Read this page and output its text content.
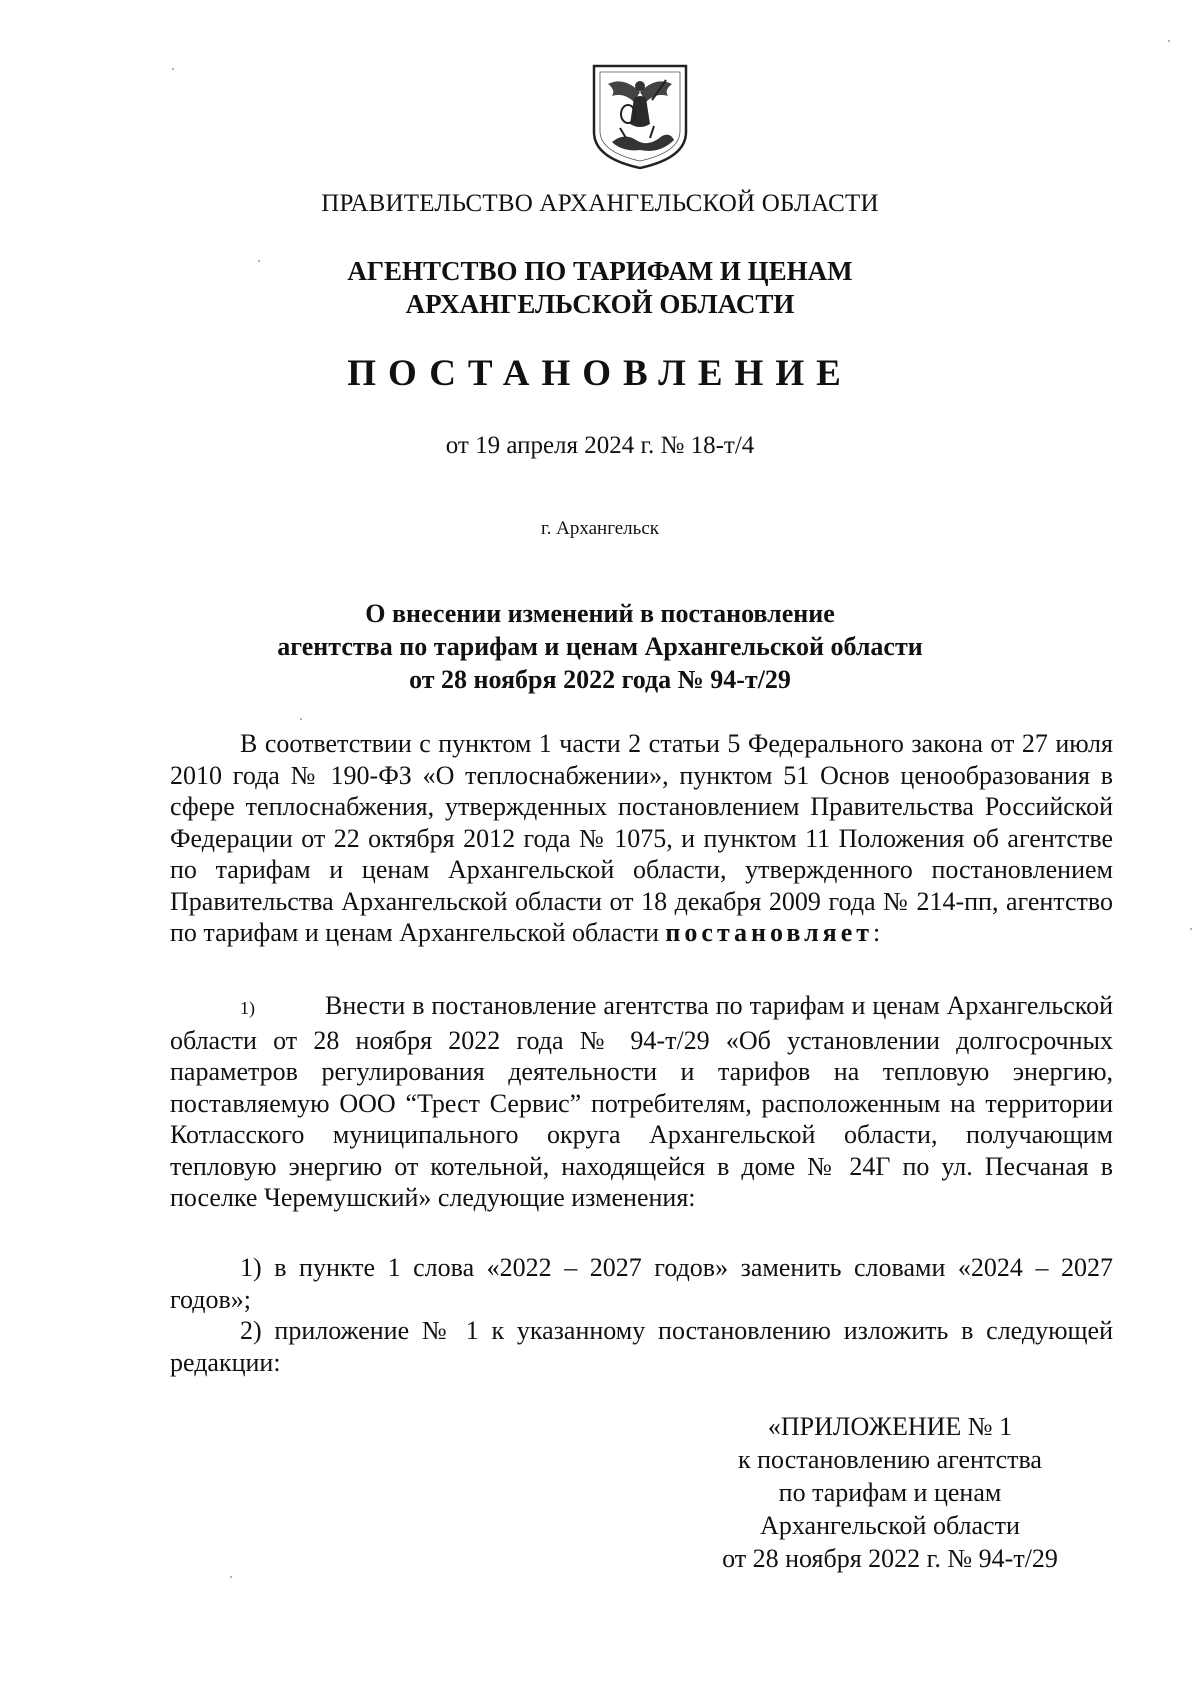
ПРАВИТЕЛЬСТВО АРХАНГЕЛЬСКОЙ ОБЛАСТИ
АГЕНТСТВО ПО ТАРИФАМ И ЦЕНАМ
АРХАНГЕЛЬСКОЙ ОБЛАСТИ
ПОСТАНОВЛЕНИЕ
от 19 апреля 2024 г. № 18-т/4
г. Архангельск
О внесении изменений в постановление
агентства по тарифам и ценам Архангельской области
от 28 ноября 2022 года № 94-т/29
В соответствии с пунктом 1 части 2 статьи 5 Федерального закона от 27 июля 2010 года № 190-ФЗ «О теплоснабжении», пунктом 51 Основ ценообразования в сфере теплоснабжения, утвержденных постановлением Правительства Российской Федерации от 22 октября 2012 года № 1075, и пунктом 11 Положения об агентстве по тарифам и ценам Архангельской области, утвержденного постановлением Правительства Архангельской области от 18 декабря 2009 года № 214-пп, агентство по тарифам и ценам Архангельской области постановляет:
1)	Внести в постановление агентства по тарифам и ценам Архангельской области от 28 ноября 2022 года № 94-т/29 «Об установлении долгосрочных параметров регулирования деятельности и тарифов на тепловую энергию, поставляемую ООО “Трест Сервис” потребителям, расположенным на территории Котласского муниципального округа Архангельской области, получающим тепловую энергию от котельной, находящейся в доме № 24Г по ул. Песчаная в поселке Черемушский» следующие изменения:
1) в пункте 1 слова «2022 – 2027 годов» заменить словами «2024 – 2027 годов»;
2) приложение № 1 к указанному постановлению изложить в следующей редакции:
«ПРИЛОЖЕНИЕ № 1
к постановлению агентства
по тарифам и ценам
Архангельской области
от 28 ноября 2022 г. № 94-т/29
